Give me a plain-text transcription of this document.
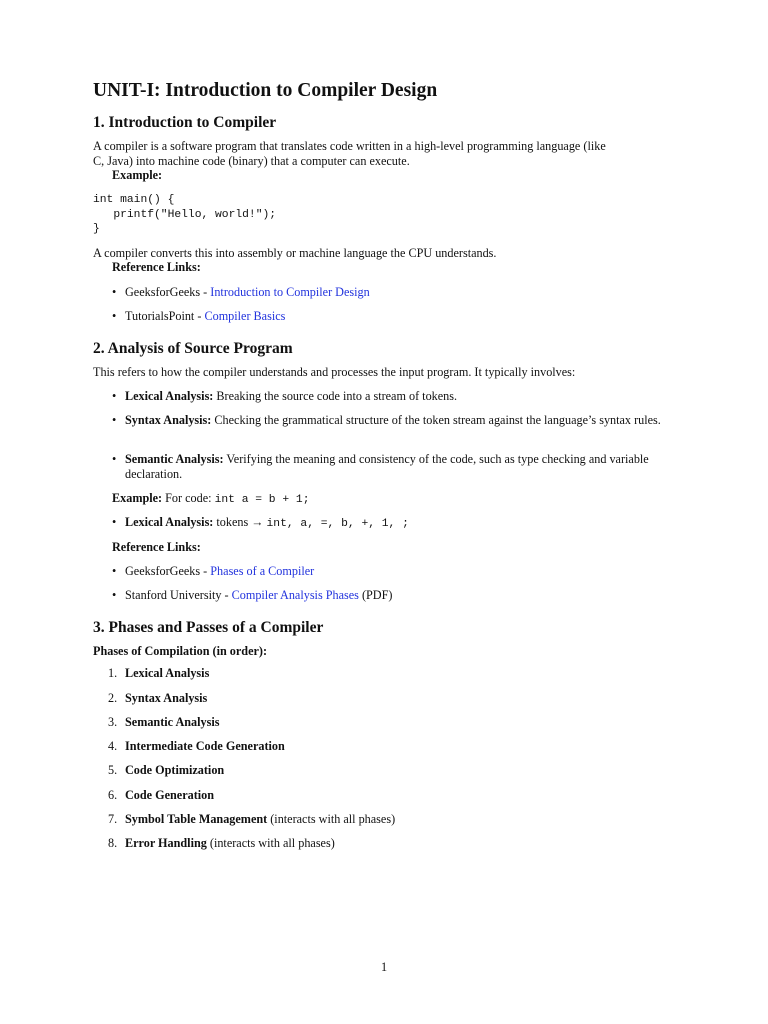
UNIT-I: Introduction to Compiler Design
1. Introduction to Compiler

A compiler is a software program that translates code written in a high-level programming language (like

C, Java) into machine code (binary) that a computer can execute.

Example:

int main() {
printf("Hello, world!");
}

A compiler converts this into assembly or machine language the CPU understands.

Reference Links:

• GeeksforGeeks - Introduction to Compiler Design
• TutorialsPoint - Compiler Basics
2. Analysis of Source Program

This refers to how the compiler understands and processes the input program. It typically involves:

• Lexical Analysis: Breaking the source code into a stream of tokens.
• Syntax Analysis: Checking the grammatical structure of the token stream against the language’s syntax rules.
• Semantic Analysis: Verifying the meaning and consistency of the code, such as type checking and variable declaration.

Example: For code: int a = b + 1;

• Lexical Analysis: tokens → int, a, =, b, +, 1, ;

Reference Links:

• GeeksforGeeks - Phases of a Compiler
• Stanford University - Compiler Analysis Phases (PDF)
3. Phases and Passes of a Compiler

Phases of Compilation (in order):

1. Lexical Analysis
2. Syntax Analysis
3. Semantic Analysis
4. Intermediate Code Generation
5. Code Optimization
6. Code Generation
7. Symbol Table Management (interacts with all phases)
8. Error Handling (interacts with all phases)
1
